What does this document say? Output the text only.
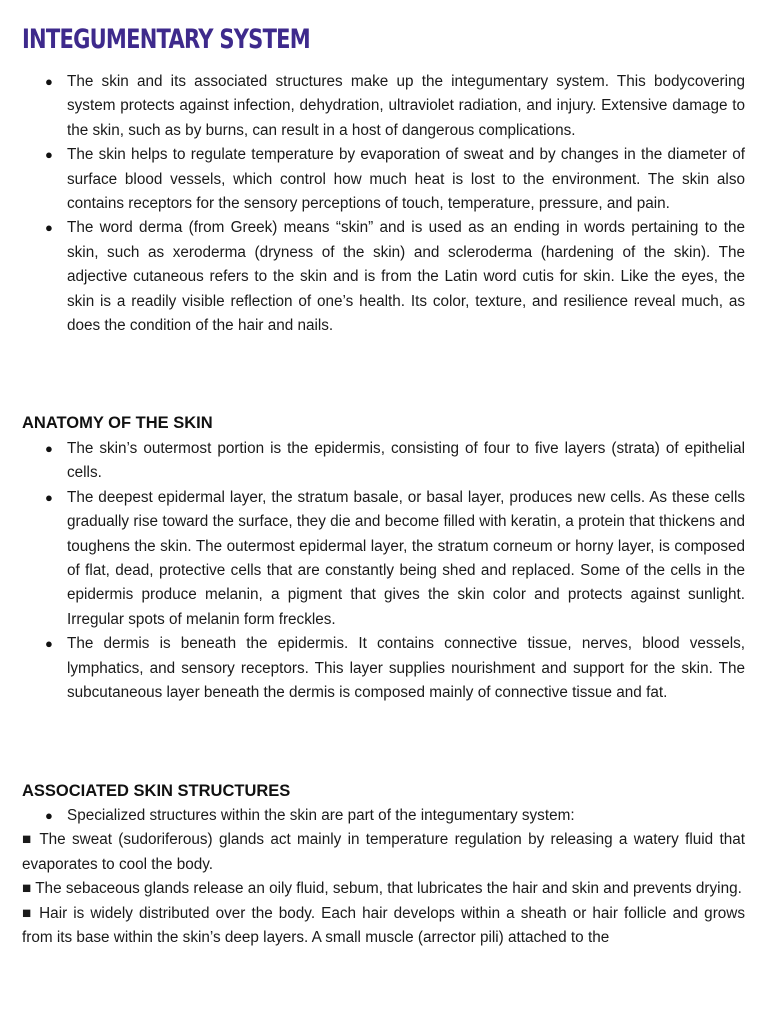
INTEGUMENTARY SYSTEM
● The skin and its associated structures make up the integumentary system. This bodycovering system protects against infection, dehydration, ultraviolet radiation, and injury. Extensive damage to the skin, such as by burns, can result in a host of dangerous complications.
● The skin helps to regulate temperature by evaporation of sweat and by changes in the diameter of surface blood vessels, which control how much heat is lost to the environment. The skin also contains receptors for the sensory perceptions of touch, temperature, pressure, and pain.
● The word derma (from Greek) means “skin” and is used as an ending in words pertaining to the skin, such as xeroderma (dryness of the skin) and scleroderma (hardening of the skin). The adjective cutaneous refers to the skin and is from the Latin word cutis for skin. Like the eyes, the skin is a readily visible reflection of one’s health. Its color, texture, and resilience reveal much, as does the condition of the hair and nails.
ANATOMY OF THE SKIN
● The skin’s outermost portion is the epidermis, consisting of four to five layers (strata) of epithelial cells.
● The deepest epidermal layer, the stratum basale, or basal layer, produces new cells. As these cells gradually rise toward the surface, they die and become filled with keratin, a protein that thickens and toughens the skin. The outermost epidermal layer, the stratum corneum or horny layer, is composed of flat, dead, protective cells that are constantly being shed and replaced. Some of the cells in the epidermis produce melanin, a pigment that gives the skin color and protects against sunlight. Irregular spots of melanin form freckles.
● The dermis is beneath the epidermis. It contains connective tissue, nerves, blood vessels, lymphatics, and sensory receptors. This layer supplies nourishment and support for the skin. The subcutaneous layer beneath the dermis is composed mainly of connective tissue and fat.
ASSOCIATED SKIN STRUCTURES
● Specialized structures within the skin are part of the integumentary system:

■ The sweat (sudoriferous) glands act mainly in temperature regulation by releasing a watery fluid that evaporates to cool the body.

■ The sebaceous glands release an oily fluid, sebum, that lubricates the hair and skin and prevents drying.

■ Hair is widely distributed over the body. Each hair develops within a sheath or hair follicle and grows from its base within the skin’s deep layers. A small muscle (arrector pili) attached to the
